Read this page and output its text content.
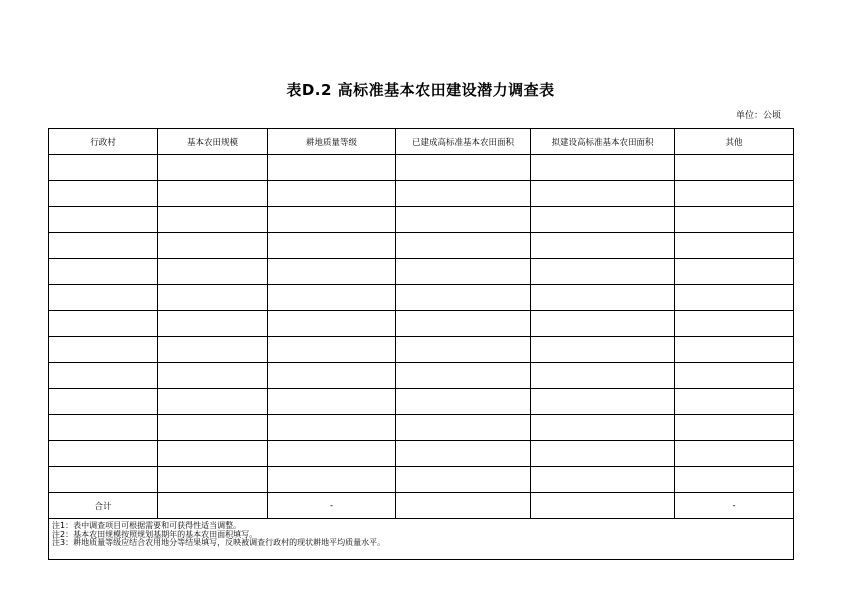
表D.2 高标准基本农田建设潜力调查表
单位：公顷
行政村	基本农田规模	耕地质量等级	已建成高标准基本农田面积	拟建设高标准基本农田面积	其他

合计		-			-

注1：表中调查项目可根据需要和可获得性适当调整。
注2：基本农田规模按照规划基期年的基本农田面积填写。
注3：耕地质量等级应结合农用地分等结果填写，反映被调查行政村的现状耕地平均质量水平。					
